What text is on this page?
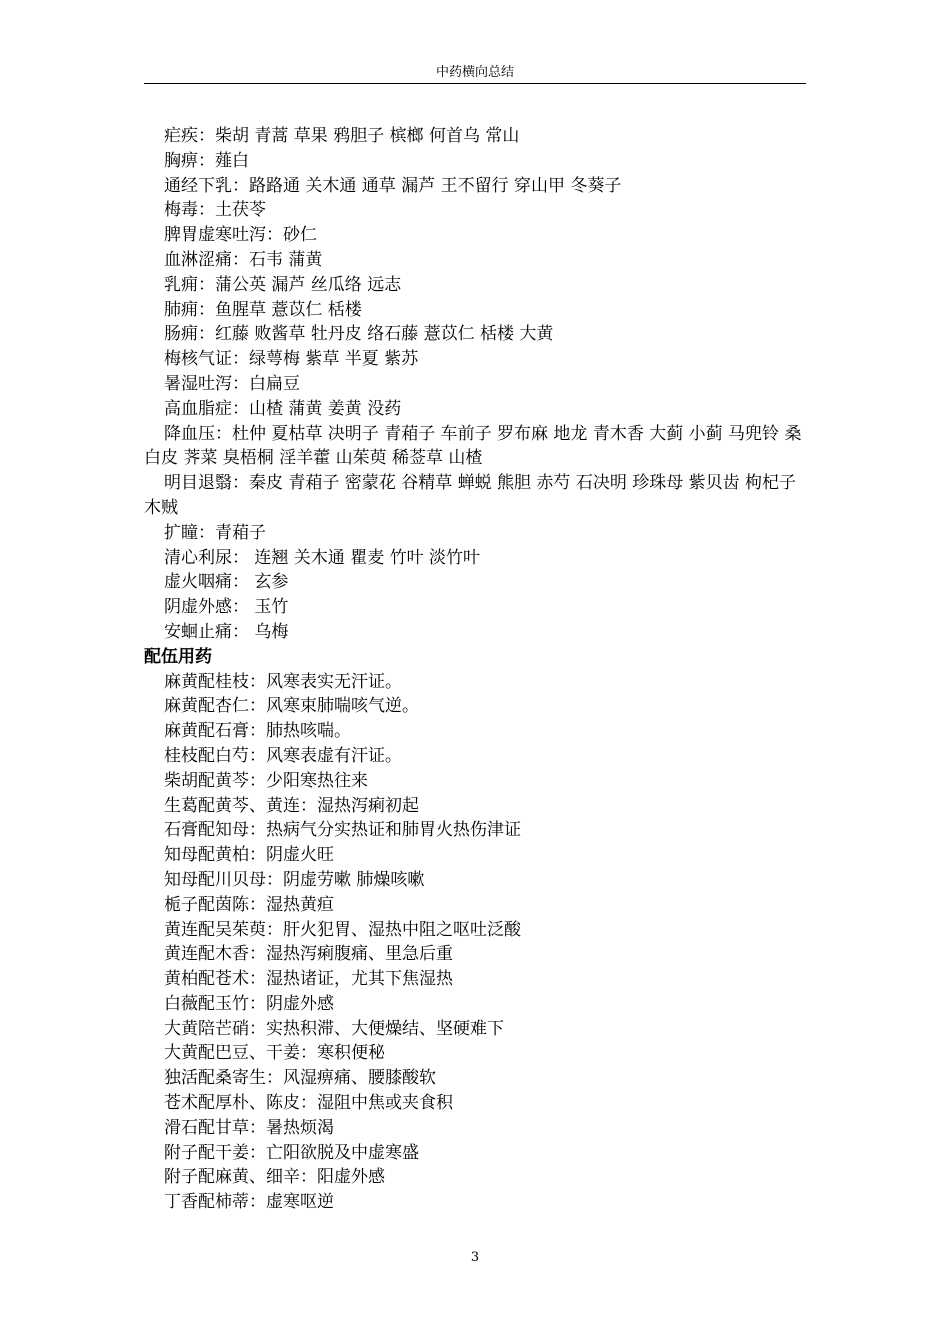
中药横向总结
疟疾：柴胡 青蒿 草果 鸦胆子 槟榔 何首乌 常山
胸痹：薤白
通经下乳：路路通 关木通 通草 漏芦 王不留行 穿山甲 冬葵子
梅毒：土茯苓
脾胃虚寒吐泻：砂仁
血淋涩痛：石韦 蒲黄
乳痈：蒲公英 漏芦 丝瓜络 远志
肺痈：鱼腥草 薏苡仁 栝楼
肠痈：红藤 败酱草 牡丹皮 络石藤 薏苡仁 栝楼 大黄
梅核气证：绿萼梅 紫草 半夏 紫苏
暑湿吐泻：白扁豆
高血脂症：山楂 蒲黄 姜黄 没药
降血压：杜仲 夏枯草 决明子 青葙子 车前子 罗布麻 地龙 青木香 大蓟 小蓟 马兜铃 桑白皮 荠菜 臭梧桐 淫羊藿 山茱萸 稀莶草 山楂
明目退翳：秦皮 青葙子 密蒙花 谷精草 蝉蜕 熊胆 赤芍 石决明 珍珠母 紫贝齿 枸杞子 木贼
扩瞳：青葙子
清心利尿： 连翘 关木通 瞿麦 竹叶 淡竹叶
虚火咽痛： 玄参
阴虚外感： 玉竹
安蛔止痛： 乌梅
配伍用药
麻黄配桂枝：风寒表实无汗证。
麻黄配杏仁：风寒束肺喘咳气逆。
麻黄配石膏：肺热咳喘。
桂枝配白芍：风寒表虚有汗证。
柴胡配黄芩：少阳寒热往来
生葛配黄芩、黄连：湿热泻痢初起
石膏配知母：热病气分实热证和肺胃火热伤津证
知母配黄柏：阴虚火旺
知母配川贝母：阴虚劳嗽 肺燥咳嗽
栀子配茵陈：湿热黄疸
黄连配吴茱萸：肝火犯胃、湿热中阻之呕吐泛酸
黄连配木香：湿热泻痢腹痛、里急后重
黄柏配苍术：湿热诸证，尤其下焦湿热
白薇配玉竹：阴虚外感
大黄陪芒硝：实热积滞、大便燥结、坚硬难下
大黄配巴豆、干姜：寒积便秘
独活配桑寄生：风湿痹痛、腰膝酸软
苍术配厚朴、陈皮：湿阻中焦或夹食积
滑石配甘草：暑热烦渴
附子配干姜：亡阳欲脱及中虚寒盛
附子配麻黄、细辛：阳虚外感
丁香配柿蒂：虚寒呕逆
3
